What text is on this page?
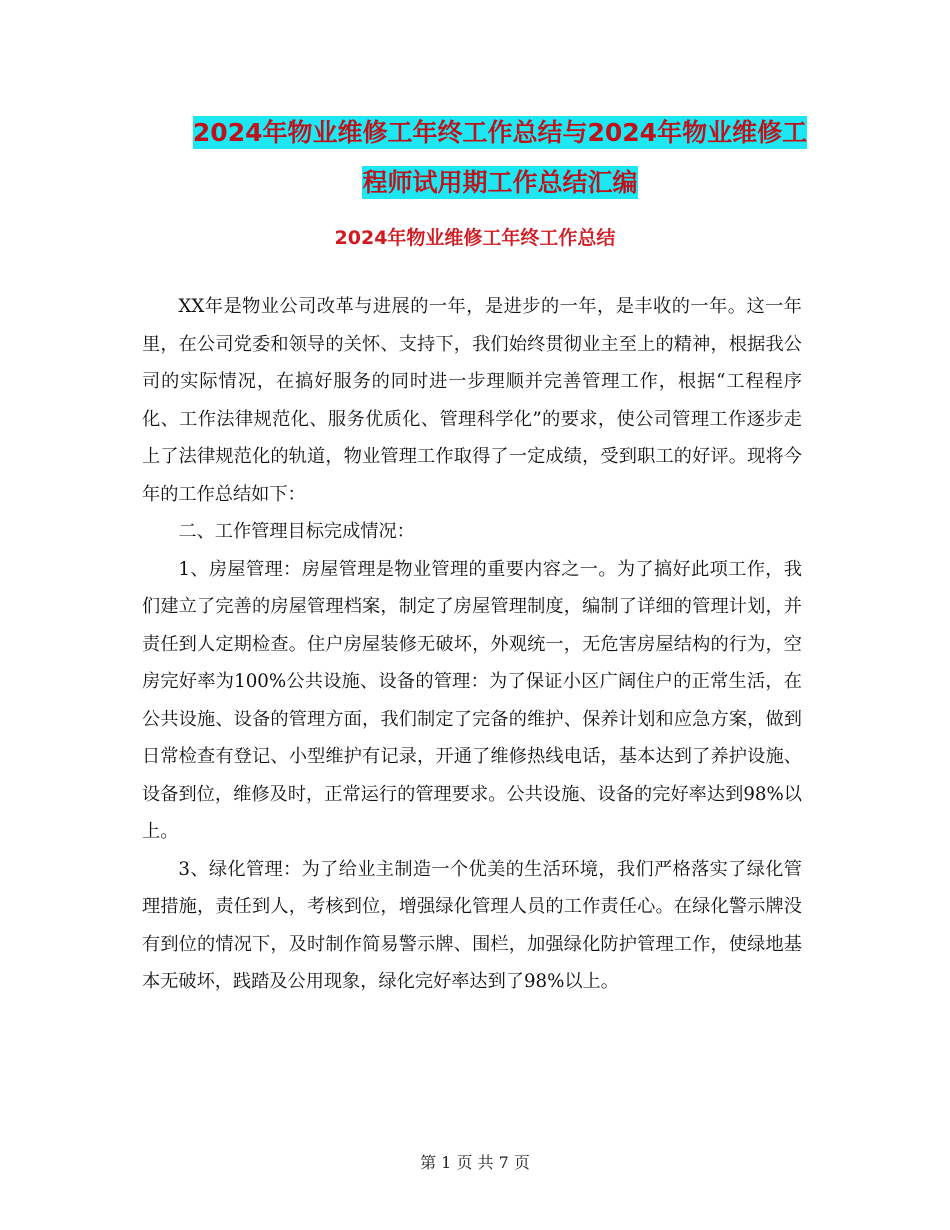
2024年物业维修工年终工作总结与2024年物业维修工
程师试用期工作总结汇编
2024年物业维修工年终工作总结

XX年是物业公司改革与进展的一年，是进步的一年，是丰收的一年。这一年里，在公司党委和领导的关怀、支持下，我们始终贯彻业主至上的精神，根据我公司的实际情况，在搞好服务的同时进一步理顺并完善管理工作，根据“工程程序化、工作法律规范化、服务优质化、管理科学化”的要求，使公司管理工作逐步走上了法律规范化的轨道，物业管理工作取得了一定成绩，受到职工的好评。现将今年的工作总结如下：

二、工作管理目标完成情况：

1、房屋管理：房屋管理是物业管理的重要内容之一。为了搞好此项工作，我们建立了完善的房屋管理档案，制定了房屋管理制度，编制了详细的管理计划，并责任到人定期检查。住户房屋装修无破坏，外观统一，无危害房屋结构的行为，空房完好率为100%公共设施、设备的管理：为了保证小区广阔住户的正常生活，在公共设施、设备的管理方面，我们制定了完备的维护、保养计划和应急方案，做到日常检查有登记、小型维护有记录，开通了维修热线电话，基本达到了养护设施、设备到位，维修及时，正常运行的管理要求。公共设施、设备的完好率达到98%以上。

3、绿化管理：为了给业主制造一个优美的生活环境，我们严格落实了绿化管理措施，责任到人，考核到位，增强绿化管理人员的工作责任心。在绿化警示牌没有到位的情况下，及时制作简易警示牌、围栏，加强绿化防护管理工作，使绿地基本无破坏，践踏及公用现象，绿化完好率达到了98%以上。

第 1 页 共 7 页
